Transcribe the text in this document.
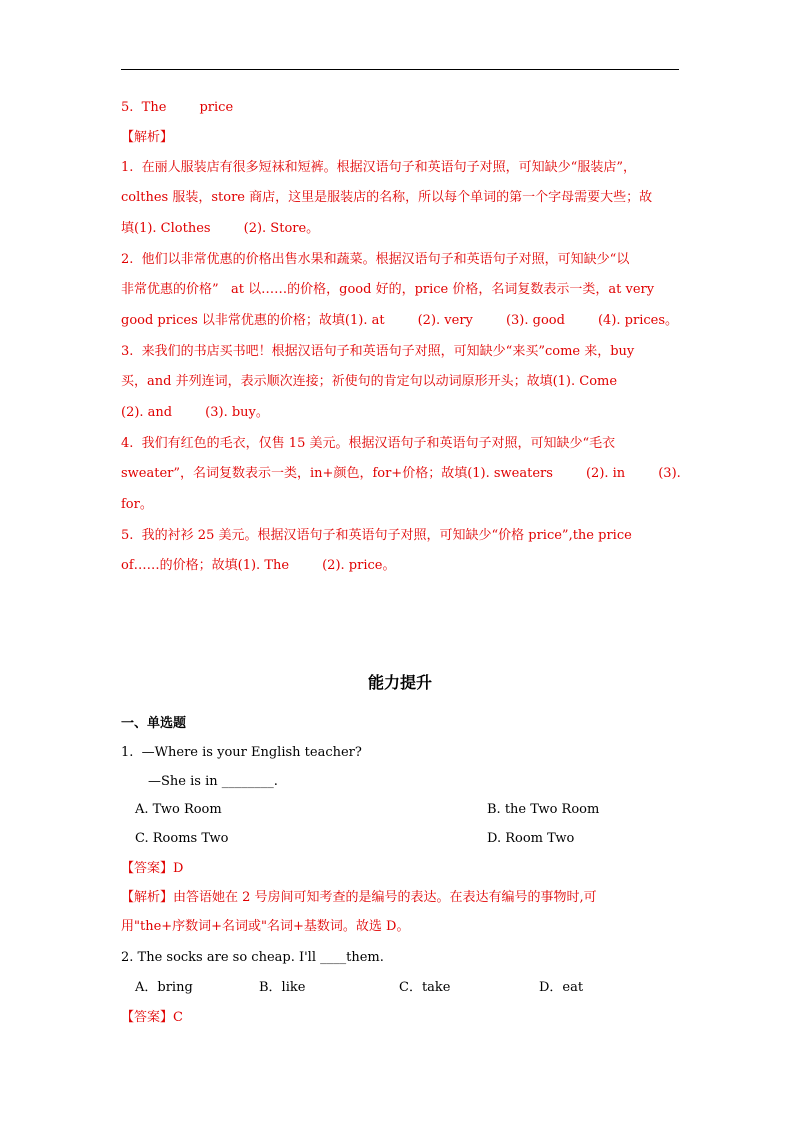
5.  The        price
【解析】
1.  在丽人服装店有很多短袜和短裤。根据汉语句子和英语句子对照，可知缺少“服装店”，
colthes 服装，store 商店，这里是服装店的名称，所以每个单词的第一个字母需要大些；故
填(1). Clothes        (2). Store。
2.  他们以非常优惠的价格出售水果和蔬菜。根据汉语句子和英语句子对照，可知缺少“以
非常优惠的价格”   at 以……的价格，good 好的，price 价格，名词复数表示一类，at very
good prices 以非常优惠的价格；故填(1). at        (2). very        (3). good        (4). prices。
3.  来我们的书店买书吧！根据汉语句子和英语句子对照，可知缺少“来买”come 来，buy
买，and 并列连词，表示顺次连接；祈使句的肯定句以动词原形开头；故填(1). Come
(2). and        (3). buy。
4.  我们有红色的毛衣，仅售 15 美元。根据汉语句子和英语句子对照，可知缺少“毛衣
sweater”，名词复数表示一类，in+颜色，for+价格；故填(1). sweaters        (2). in        (3).
for。
5.  我的衬衫 25 美元。根据汉语句子和英语句子对照，可知缺少“价格 price”,the price
of……的价格；故填(1). The        (2). price。
能力提升
一、单选题
1.  —Where is your English teacher?
—She is in ________.
A. Two Room	B. the Two Room
C. Rooms Two	D. Room Two
【答案】D
【解析】由答语她在 2 号房间可知考查的是编号的表达。在表达有编号的事物时,可
用"the+序数词+名词或"名词+基数词。故选 D。
2. The socks are so cheap. I'll ____them.
A．bring	B．like	C．take	D．eat
【答案】C
